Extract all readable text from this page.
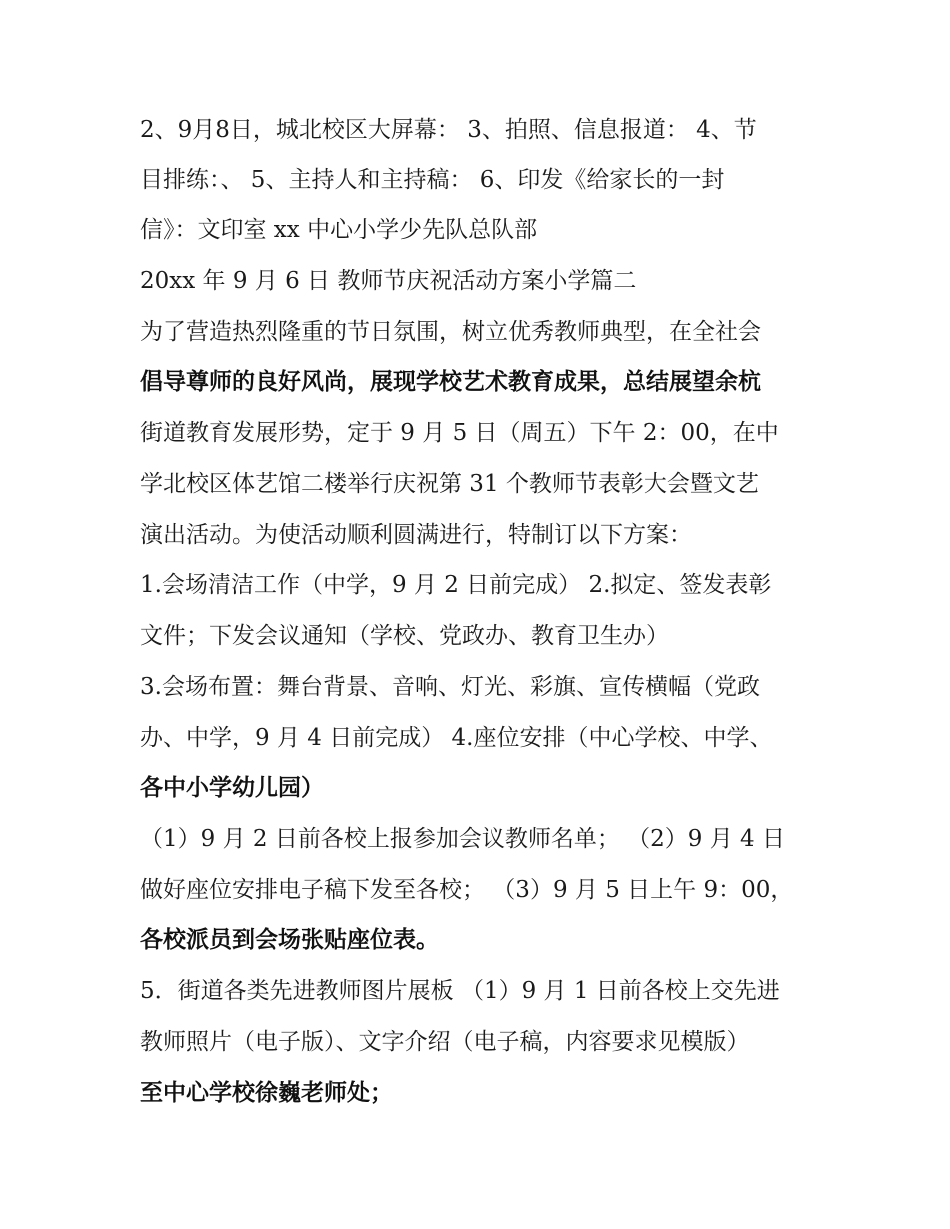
2、9月8日，城北校区大屏幕： 3、拍照、信息报道： 4、节
目排练：、 5、主持人和主持稿： 6、印发《给家长的一封
信》：文印室 xx 中心小学少先队总队部
20xx 年 9 月 6 日 教师节庆祝活动方案小学篇二
为了营造热烈隆重的节日氛围，树立优秀教师典型，在全社会
倡导尊师的良好风尚，展现学校艺术教育成果，总结展望余杭
街道教育发展形势，定于 9 月 5 日（周五）下午 2：00，在中
学北校区体艺馆二楼举行庆祝第 31 个教师节表彰大会暨文艺
演出活动。为使活动顺利圆满进行，特制订以下方案：
1.会场清洁工作（中学，9 月 2 日前完成） 2.拟定、签发表彰
文件；下发会议通知（学校、党政办、教育卫生办）
3.会场布置：舞台背景、音响、灯光、彩旗、宣传横幅（党政
办、中学，9 月 4 日前完成） 4.座位安排（中心学校、中学、
各中小学幼儿园）
（1）9 月 2 日前各校上报参加会议教师名单； （2）9 月 4 日
做好座位安排电子稿下发至各校； （3）9 月 5 日上午 9：00，
各校派员到会场张贴座位表。
5．街道各类先进教师图片展板 （1）9 月 1 日前各校上交先进
教师照片（电子版）、文字介绍（电子稿，内容要求见模版）
至中心学校徐巍老师处；
